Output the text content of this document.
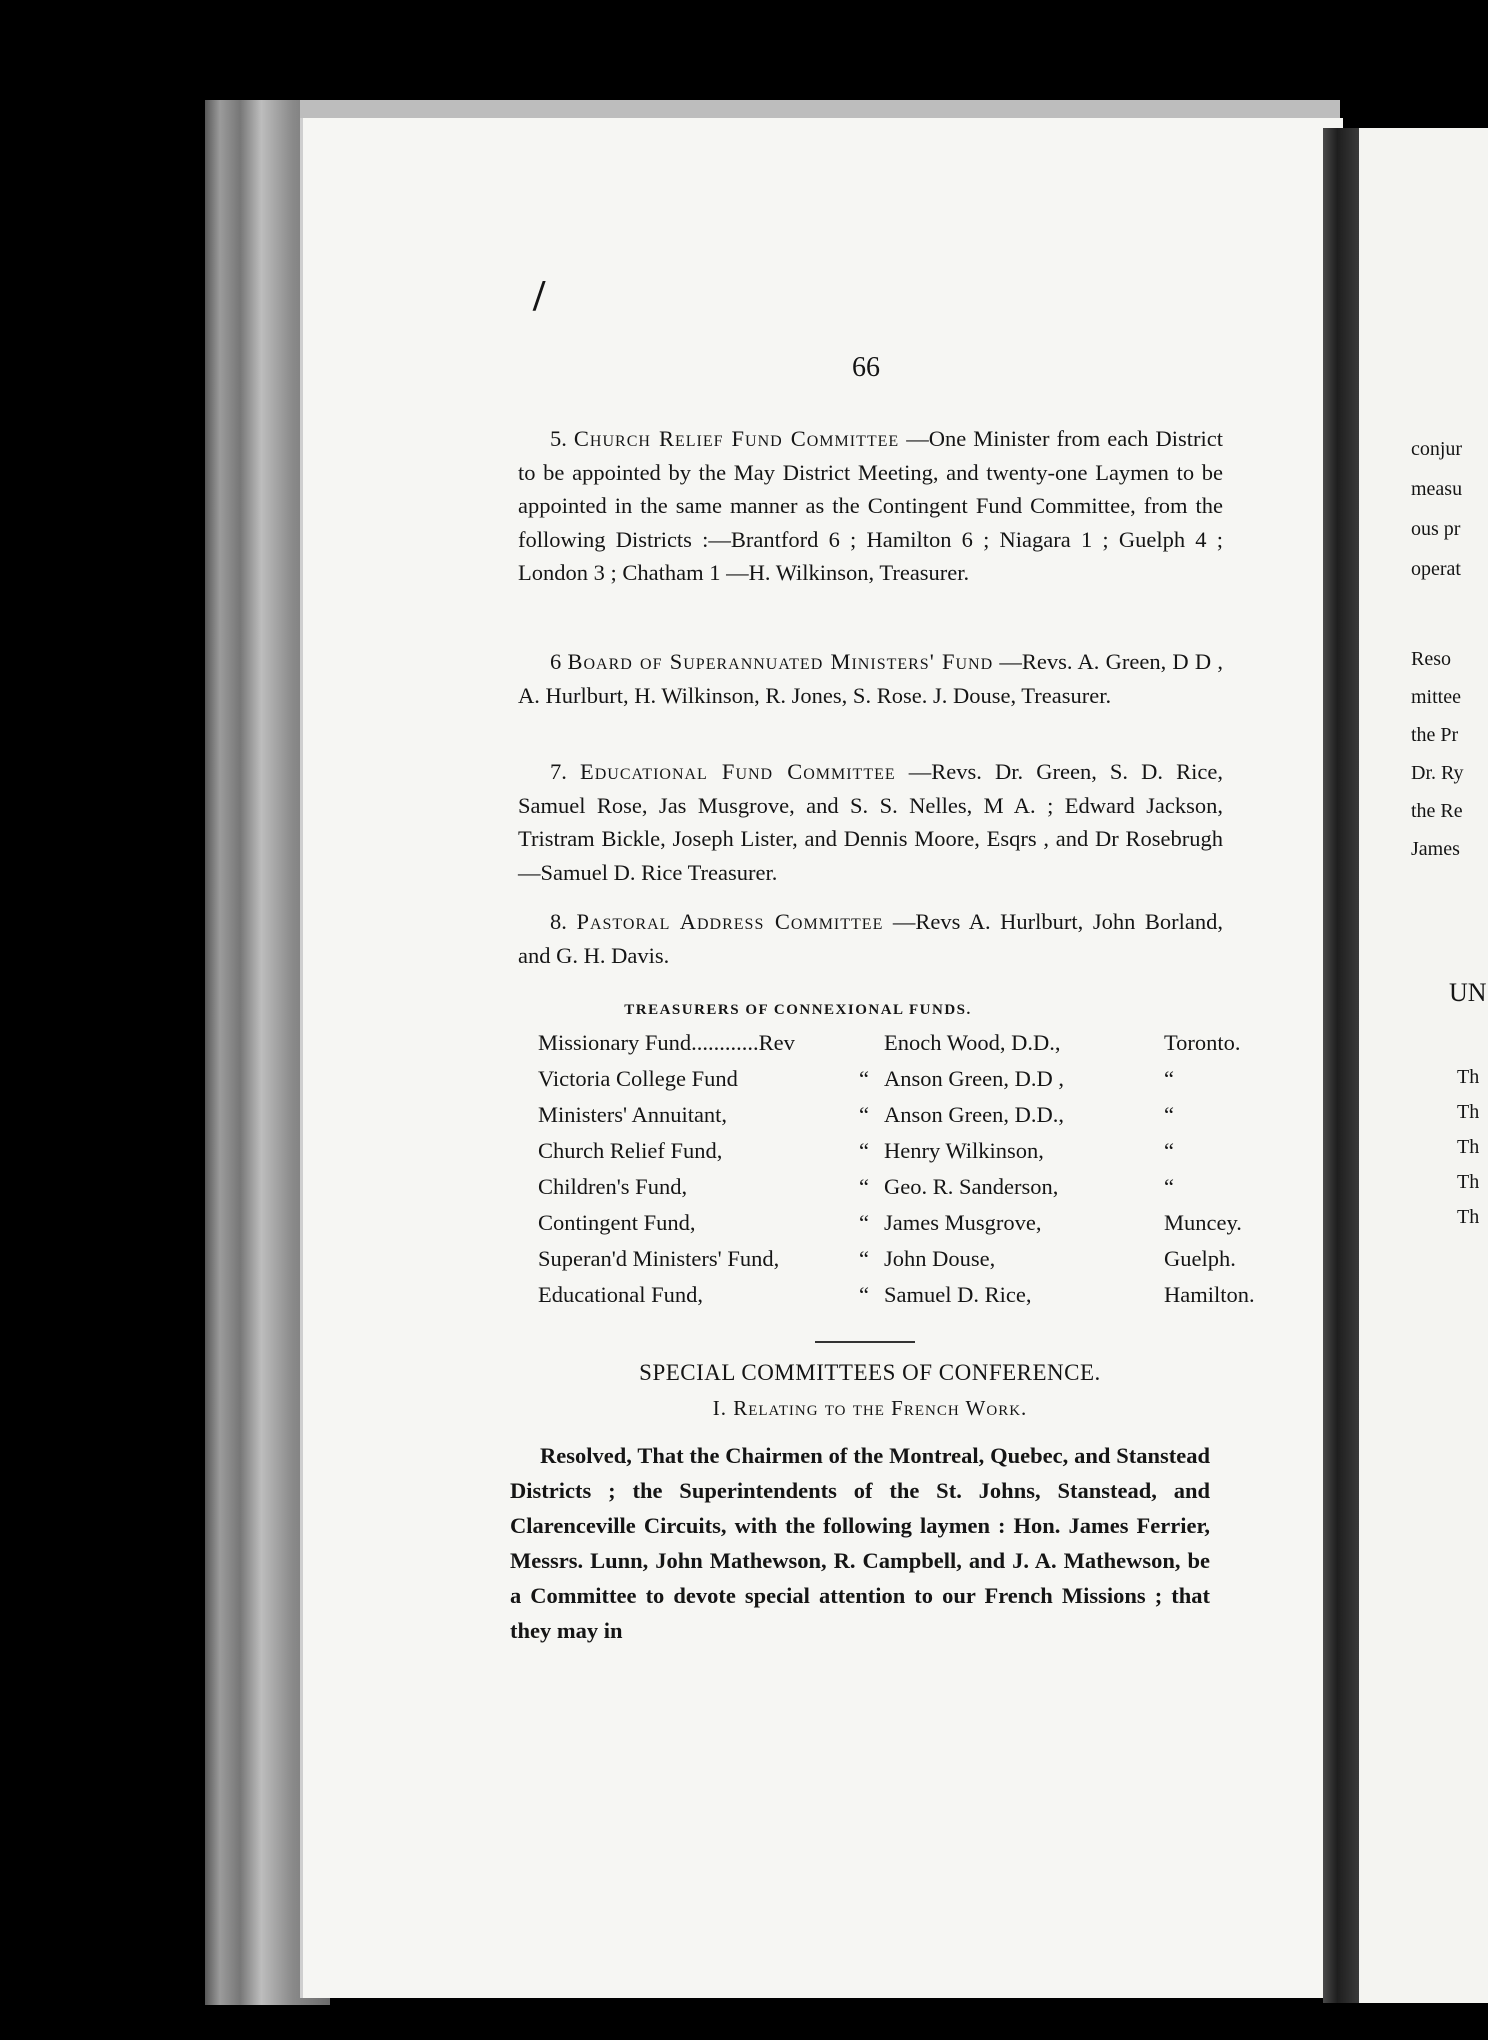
/
66

5. Church Relief Fund Committee —One Minister from each District to be appointed by the May District Meeting, and twenty-one Laymen to be appointed in the same manner as the Contingent Fund Committee, from the following Districts :—Brantford 6 ; Hamilton 6 ; Niagara 1 ; Guelph 4 ; London 3 ; Chatham 1 —H. Wilkinson, Treasurer.

6 Board of Superannuated Ministers' Fund —Revs. A. Green, D D , A. Hurlburt, H. Wilkinson, R. Jones, S. Rose. J. Douse, Treasurer.

7. Educational Fund Committee —Revs. Dr. Green, S. D. Rice, Samuel Rose, Jas Musgrove, and S. S. Nelles, M A. ; Edward Jackson, Tristram Bickle, Joseph Lister, and Dennis Moore, Esqrs , and Dr Rosebrugh—Samuel D. Rice Treasurer.

8. Pastoral Address Committee —Revs A. Hurlburt, John Borland, and G. H. Davis.

TREASURERS OF CONNEXIONAL FUNDS.
Missionary Fund............Rev	Enoch Wood, D.D.,	Toronto.
Victoria College Fund	“ Anson Green, D.D ,	“
Ministers' Annuitant,	“ Anson Green, D.D.,	“
Church Relief Fund,	“ Henry Wilkinson,	“
Children's Fund,	“ Geo. R. Sanderson,	“
Contingent Fund,	“ James Musgrove,	Muncey.
Superan'd Ministers' Fund,	“ John Douse,	Guelph.
Educational Fund,	“ Samuel D. Rice,	Hamilton.
SPECIAL COMMITTEES OF CONFERENCE.
I. Relating to the French Work.

Resolved, That the Chairmen of the Montreal, Quebec, and Stanstead Districts ; the Superintendents of the St. Johns, Stanstead, and Clarenceville Circuits, with the following laymen : Hon. James Ferrier, Messrs. Lunn, John Mathewson, R. Campbell, and J. A. Mathewson, be a Committee to devote special attention to our French Missions ; that they may in

conjur
measu
ous pr
operat
Reso
mittee
the Pr
Dr. Ry
the Re
James
UN
Th
Th
Th
Th
Th
